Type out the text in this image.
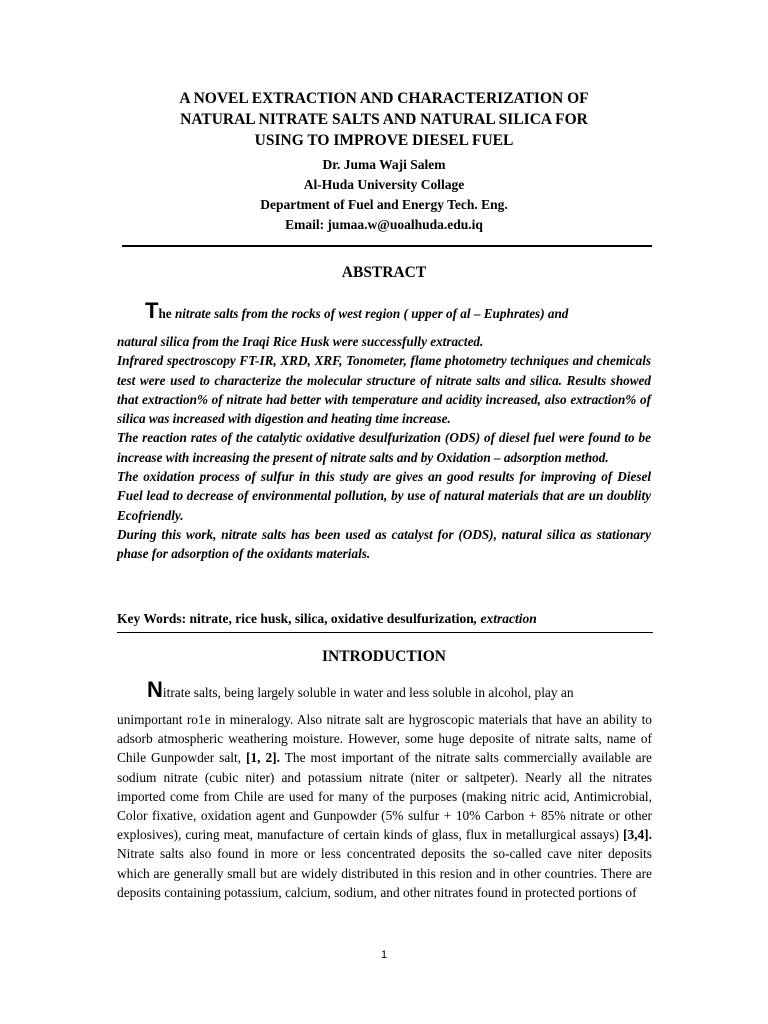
A NOVEL EXTRACTION AND CHARACTERIZATION OF
NATURAL NITRATE SALTS AND NATURAL SILICA FOR
USING TO IMPROVE DIESEL FUEL
Dr. Juma Waji Salem
Al-Huda University Collage
Department of Fuel and Energy Tech. Eng.
Email: jumaa.w@uoalhuda.edu.iq
ABSTRACT

The nitrate salts from the rocks of west region ( upper of al – Euphrates) and
natural silica from the Iraqi Rice Husk were successfully extracted.

Infrared spectroscopy FT-IR, XRD, XRF, Tonometer, flame photometry techniques and chemicals test were used to characterize the molecular structure of nitrate salts and silica. Results showed that extraction% of nitrate had better with temperature and acidity increased, also extraction% of silica was increased with digestion and heating time increase.

The reaction rates of the catalytic oxidative desulfurization (ODS) of diesel fuel were found to be increase with increasing the present of nitrate salts and by Oxidation – adsorption method.

The oxidation process of sulfur in this study are gives an good results for improving of Diesel Fuel lead to decrease of environmental pollution, by use of natural materials that are un doublity Ecofriendly.

During this work, nitrate salts has been used as catalyst for (ODS), natural silica as stationary phase for adsorption of the oxidants materials.

Key Words: nitrate, rice husk, silica, oxidative desulfurization, extraction
INTRODUCTION

Nitrate salts, being largely soluble in water and less soluble in alcohol, play an
unimportant ro1e in mineralogy. Also nitrate salt are hygroscopic materials that have an ability to adsorb atmospheric weathering moisture. However, some huge deposite of nitrate salts, name of Chile Gunpowder salt, [1, 2]. The most important of the nitrate salts commercially available are sodium nitrate (cubic niter) and potassium nitrate (niter or saltpeter). Nearly all the nitrates imported come from Chile are used for many of the purposes (making nitric acid, Antimicrobial, Color fixative, oxidation agent and Gunpowder (5% sulfur + 10% Carbon + 85% nitrate or other explosives), curing meat, manufacture of certain kinds of glass, flux in metallurgical assays) [3,4]. Nitrate salts also found in more or less concentrated deposits the so-called cave niter deposits which are generally small but are widely distributed in this resion and in other countries. There are deposits containing potassium, calcium, sodium, and other nitrates found in protected portions of

1
